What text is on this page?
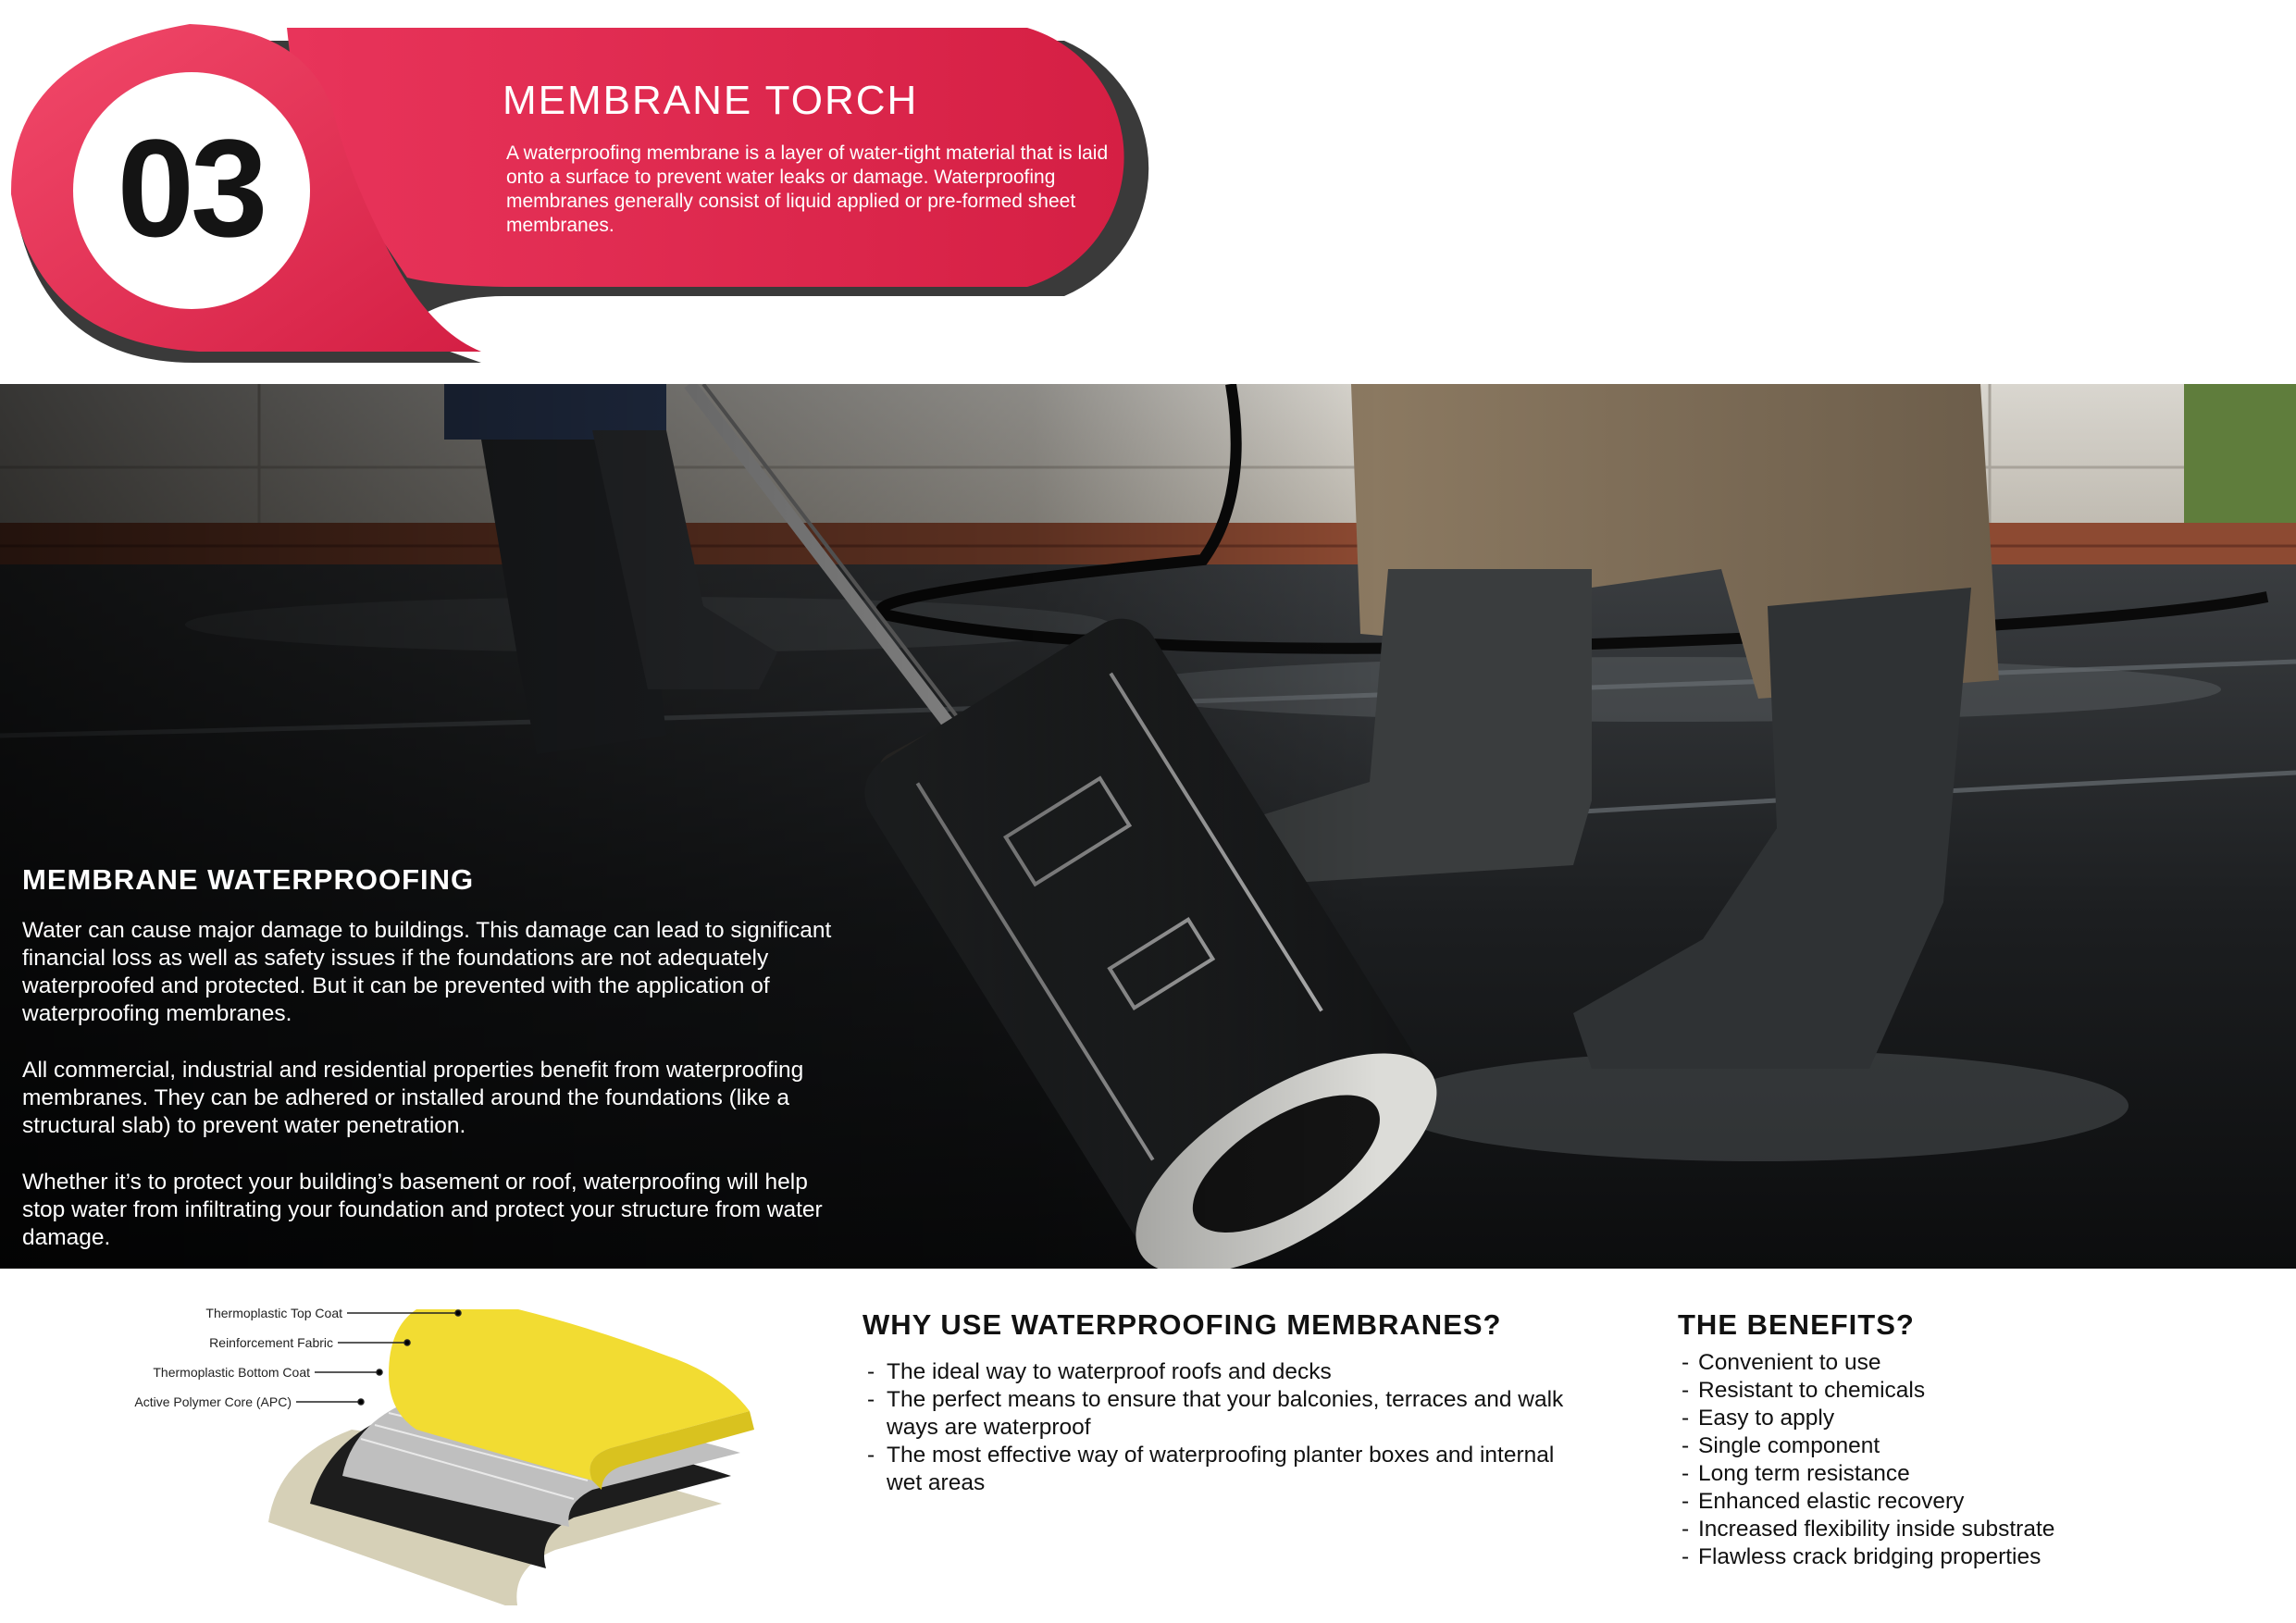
03
MEMBRANE TORCH
A waterproofing membrane is a layer of water-tight material that is laid onto a surface to prevent water leaks or damage. Waterproofing membranes generally consist of liquid applied or pre-formed sheet membranes.
MEMBRANE WATERPROOFING
Water can cause major damage to buildings. This damage can lead to significant financial loss as well as safety issues if the foundations are not adequately waterproofed and protected. But it can be prevented with the application of waterproofing membranes.
All commercial, industrial and residential properties benefit from waterproofing membranes. They can be adhered or installed around the foundations (like a structural slab) to prevent water penetration.
Whether it’s to protect your building’s basement or roof, waterproofing will help stop water from infiltrating your foundation and protect your structure from water damage.
Thermoplastic Top Coat
Reinforcement Fabric
Thermoplastic Bottom Coat
Active Polymer Core (APC)
WHY USE WATERPROOFING MEMBRANES?
- The ideal way to waterproof roofs and decks
- The perfect means to ensure that your balconies, terraces and walk ways are waterproof
- The most effective way of waterproofing planter boxes and internal wet areas
THE BENEFITS?
- Convenient to use
- Resistant to chemicals
- Easy to apply
- Single component
- Long term resistance
- Enhanced elastic recovery
- Increased flexibility inside substrate
- Flawless crack bridging properties
